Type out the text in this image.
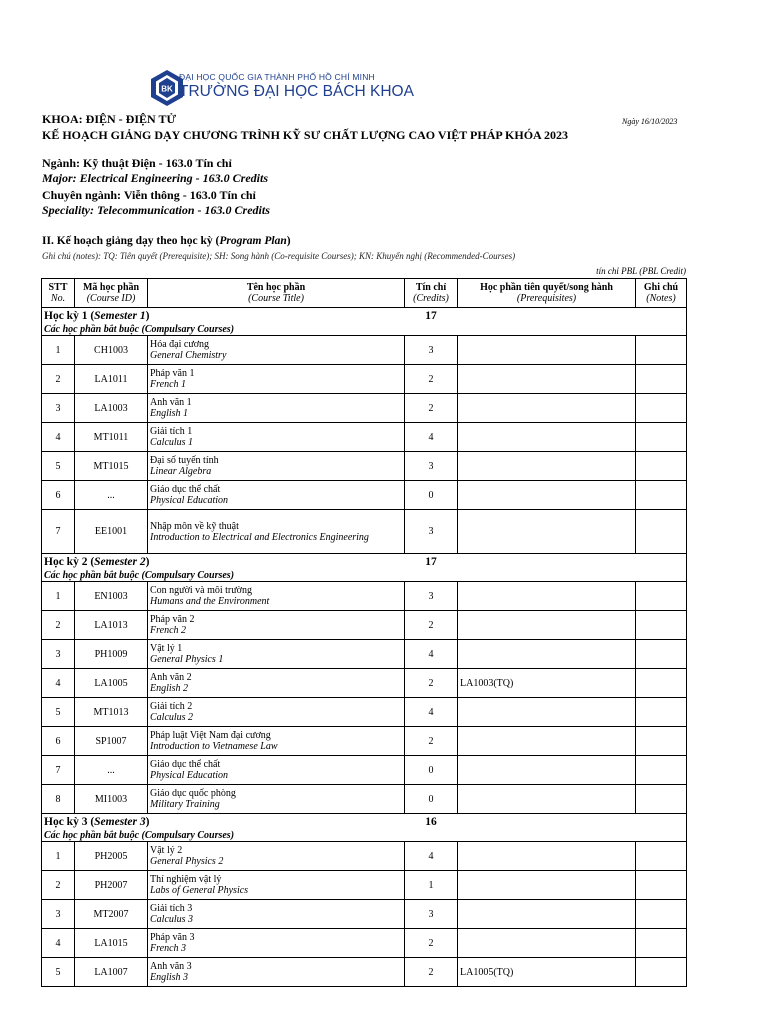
BK
ĐẠI HỌC QUỐC GIA THÀNH PHỐ HỒ CHÍ MINH
TRƯỜNG ĐẠI HỌC BÁCH KHOA
Ngày 16/10/2023
KHOA: ĐIỆN - ĐIỆN TỬ
KẾ HOẠCH GIẢNG DẠY CHƯƠNG TRÌNH KỸ SƯ CHẤT LƯỢNG CAO VIỆT PHÁP KHÓA 2023
Ngành: Kỹ thuật Điện - 163.0 Tín chỉ
Major: Electrical Engineering - 163.0 Credits
Chuyên ngành: Viễn thông - 163.0 Tín chỉ
Speciality: Telecommunication - 163.0 Credits
II. Kế hoạch giảng dạy theo học kỳ (Program Plan)
Ghi chú (notes): TQ: Tiên quyết (Prerequisite); SH: Song hành (Co-requisite Courses); KN: Khuyến nghị (Recommended-Courses)
tín chỉ PBL (PBL Credit)
STT
No.	Mã học phần
(Course ID)	Tên học phần
(Course Title)	Tín chỉ
(Credits)	Học phần tiên quyết/song hành
(Prerequisites)	Ghi chú
(Notes)

Học kỳ 1 (Semester 1)			17		
Các học phần bắt buộc (Compulsary Courses)					
1	CH1003	Hóa đại cương
General Chemistry	3		
2	LA1011	Pháp văn 1
French 1	2		
3	LA1003	Anh văn 1
English 1	2		
4	MT1011	Giải tích 1
Calculus 1	4		
5	MT1015	Đại số tuyến tính
Linear Algebra	3		
6	...	Giáo dục thể chất
Physical Education	0		
7	EE1001	Nhập môn về kỹ thuật
Introduction to Electrical and Electronics Engineering	3		
Học kỳ 2 (Semester 2)			17		
Các học phần bắt buộc (Compulsary Courses)					
1	EN1003	Con người và môi trường
Humans and the Environment	3		
2	LA1013	Pháp văn 2
French 2	2		
3	PH1009	Vật lý 1
General Physics 1	4		
4	LA1005	Anh văn 2
English 2	2	LA1003(TQ)	
5	MT1013	Giải tích 2
Calculus 2	4		
6	SP1007	Pháp luật Việt Nam đại cương
Introduction to Vietnamese Law	2		
7	...	Giáo dục thể chất
Physical Education	0		
8	MI1003	Giáo dục quốc phòng
Military Training	0		
Học kỳ 3 (Semester 3)			16		
Các học phần bắt buộc (Compulsary Courses)					
1	PH2005	Vật lý 2
General Physics 2	4		
2	PH2007	Thí nghiệm vật lý
Labs of General Physics	1		
3	MT2007	Giải tích 3
Calculus 3	3		
4	LA1015	Pháp văn 3
French 3	2		
5	LA1007	Anh văn 3
English 3	2	LA1005(TQ)	
